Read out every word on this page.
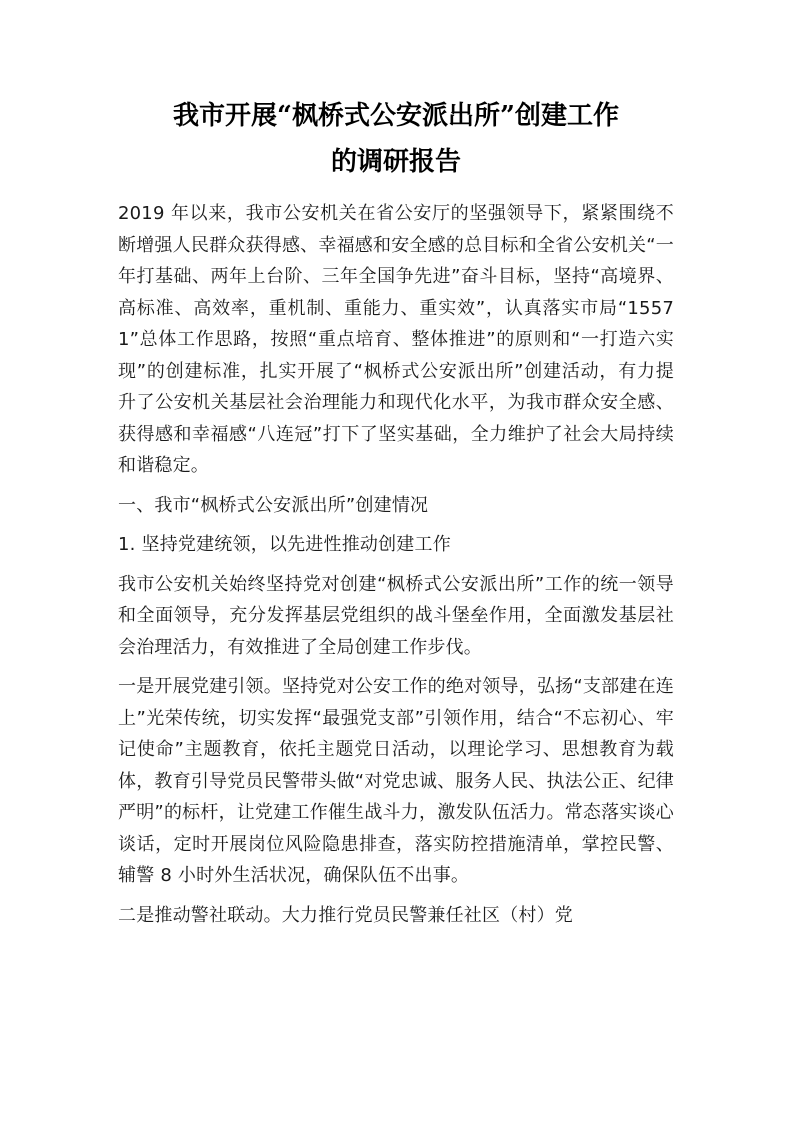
我市开展“枫桥式公安派出所”创建工作
的调研报告

2019 年以来，我市公安机关在省公安厅的坚强领导下，紧紧围绕不断增强人民群众获得感、幸福感和安全感的总目标和全省公安机关“一年打基础、两年上台阶、三年全国争先进”奋斗目标，坚持“高境界、高标准、高效率，重机制、重能力、重实效”，认真落实市局“15571”总体工作思路，按照“重点培育、整体推进”的原则和“一打造六实现”的创建标准，扎实开展了“枫桥式公安派出所”创建活动，有力提升了公安机关基层社会治理能力和现代化水平，为我市群众安全感、获得感和幸福感“八连冠”打下了坚实基础，全力维护了社会大局持续和谐稳定。

一、我市“枫桥式公安派出所”创建情况

1. 坚持党建统领，以先进性推动创建工作

我市公安机关始终坚持党对创建“枫桥式公安派出所”工作的统一领导和全面领导，充分发挥基层党组织的战斗堡垒作用，全面激发基层社会治理活力，有效推进了全局创建工作步伐。

一是开展党建引领。坚持党对公安工作的绝对领导，弘扬“支部建在连上”光荣传统，切实发挥“最强党支部”引领作用，结合“不忘初心、牢记使命”主题教育，依托主题党日活动，以理论学习、思想教育为载体，教育引导党员民警带头做“对党忠诚、服务人民、执法公正、纪律严明”的标杆，让党建工作催生战斗力，激发队伍活力。常态落实谈心谈话，定时开展岗位风险隐患排查，落实防控措施清单，掌控民警、辅警 8 小时外生活状况，确保队伍不出事。

二是推动警社联动。大力推行党员民警兼任社区（村）党
